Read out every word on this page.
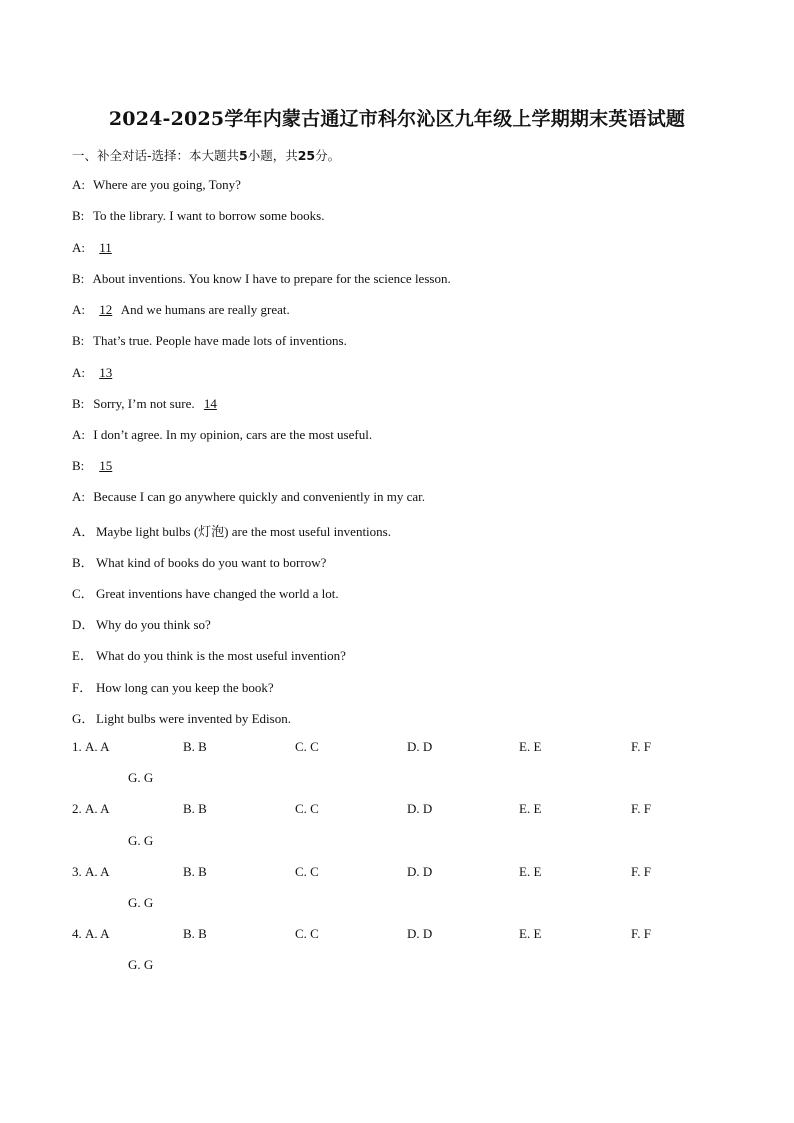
2024-2025学年内蒙古通辽市科尔沁区九年级上学期期末英语试题
一、补全对话-选择：本大题共5小题，共25分。
A: Where are you going, Tony?
B: To the library. I want to borrow some books.
A: 11
B: About inventions. You know I have to prepare for the science lesson.
A: 12 And we humans are really great.
B: That’s true. People have made lots of inventions.
A: 13
B: Sorry, I’m not sure. 14
A: I don’t agree. In my opinion, cars are the most useful.
B: 15
A: Because I can go anywhere quickly and conveniently in my car.
A． Maybe light bulbs (灯泡) are the most useful inventions.
B． What kind of books do you want to borrow?
C． Great inventions have changed the world a lot.
D． Why do you think so?
E． What do you think is the most useful invention?
F． How long can you keep the book?
G． Light bulbs were invented by Edison.
1. A. A	B. B	C. C	D. D	E. E	F. F
G. G
2. A. A	B. B	C. C	D. D	E. E	F. F
G. G
3. A. A	B. B	C. C	D. D	E. E	F. F
G. G
4. A. A	B. B	C. C	D. D	E. E	F. F
G. G
